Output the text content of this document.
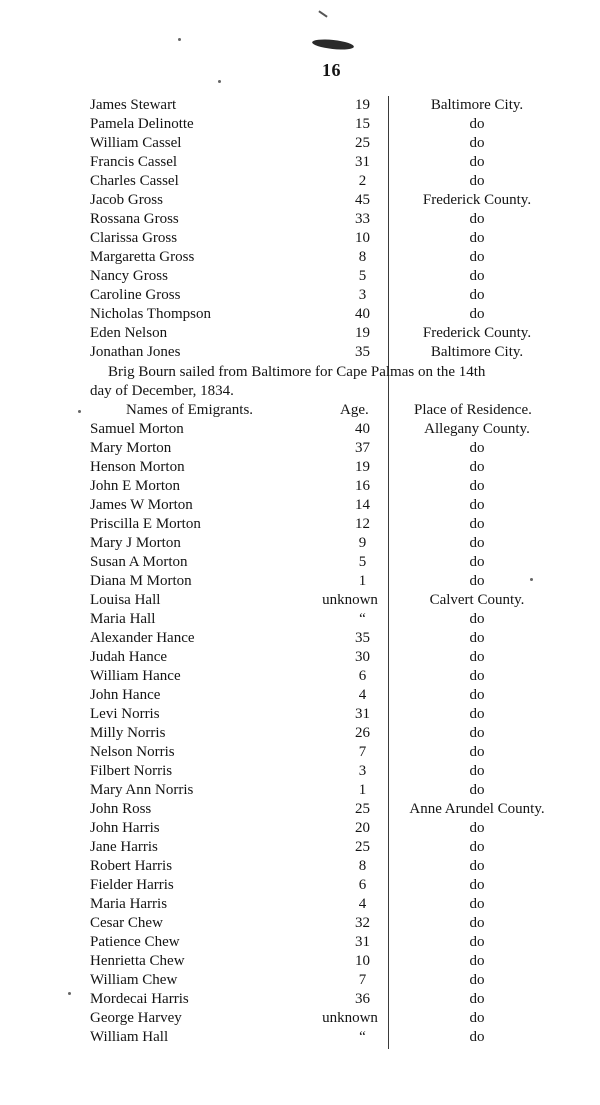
16
James Stewart	19	Baltimore City.
Pamela Delinotte	15	do
William Cassel	25	do
Francis Cassel	31	do
Charles Cassel	2	do
Jacob Gross	45	Frederick County.
Rossana Gross	33	do
Clarissa Gross	10	do
Margaretta Gross	8	do
Nancy Gross	5	do
Caroline Gross	3	do
Nicholas Thompson	40	do
Eden Nelson	19	Frederick County.
Jonathan Jones	35	Baltimore City.
Brig Bourn sailed from Baltimore for Cape Palmas on the 14th
day of December, 1834.
Names of Emigrants.	Age.	Place of Residence.
Samuel Morton	40	Allegany County.
Mary Morton	37	do
Henson Morton	19	do
John E Morton	16	do
James W Morton	14	do
Priscilla E Morton	12	do
Mary J Morton	9	do
Susan A Morton	5	do
Diana M Morton	1	do
Louisa Hall	unknown	Calvert County.
Maria Hall	“	do
Alexander Hance	35	do
Judah Hance	30	do
William Hance	6	do
John Hance	4	do
Levi Norris	31	do
Milly Norris	26	do
Nelson Norris	7	do
Filbert Norris	3	do
Mary Ann Norris	1	do
John Ross	25	Anne Arundel County.
John Harris	20	do
Jane Harris	25	do
Robert Harris	8	do
Fielder Harris	6	do
Maria Harris	4	do
Cesar Chew	32	do
Patience Chew	31	do
Henrietta Chew	10	do
William Chew	7	do
Mordecai Harris	36	do
George Harvey	unknown	do
William Hall	“	do
